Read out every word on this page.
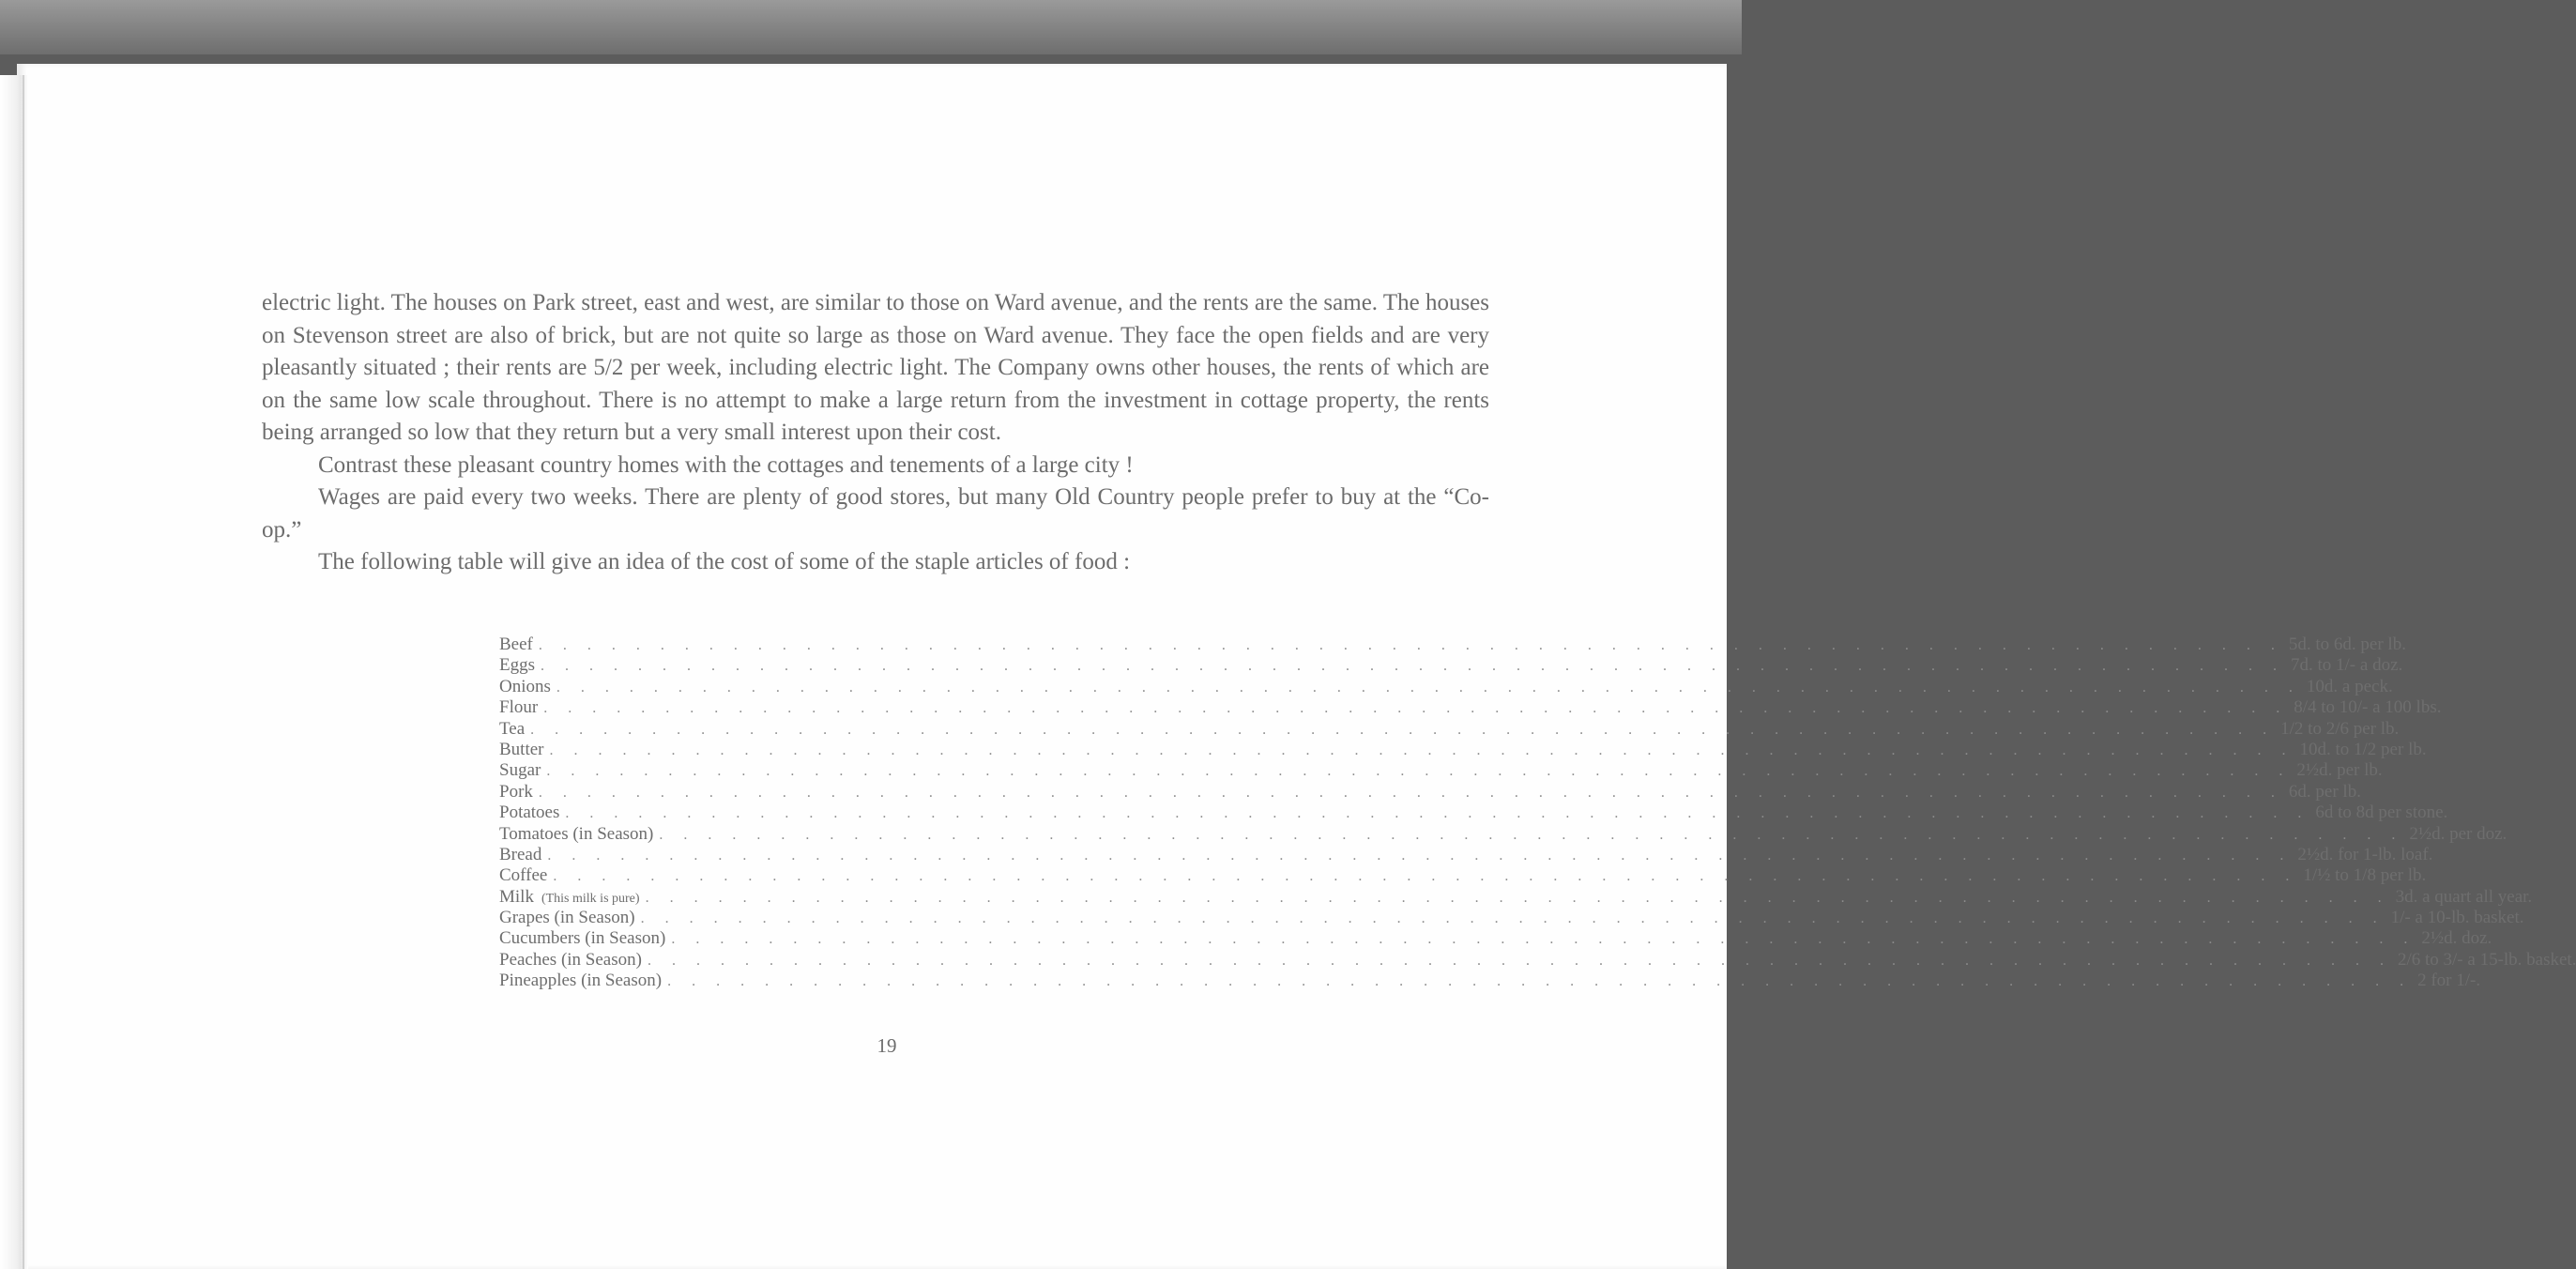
electric light. The houses on Park street, east and west, are similar to those on Ward avenue, and the rents are the same. The houses on Stevenson street are also of brick, but are not quite so large as those on Ward avenue. They face the open fields and are very pleasantly situated ; their rents are 5/2 per week, including electric light. The Company owns other houses, the rents of which are on the same low scale throughout. There is no attempt to make a large return from the investment in cottage property, the rents being arranged so low that they return but a very small interest upon their cost.

Contrast these pleasant country homes with the cottages and tenements of a large city !

Wages are paid every two weeks. There are plenty of good stores, but many Old Country people prefer to buy at the “Co-op.”

The following table will give an idea of the cost of some of the staple articles of food :

Beef . . . . . . . . . . . . . . . . . . . . . . . . . . . . . . . . . . . . . . . . . . . . . . . . . . . . . . . . . . . . . . . . . . . . . . . . 5d. to 6d. per lb.
Eggs . . . . . . . . . . . . . . . . . . . . . . . . . . . . . . . . . . . . . . . . . . . . . . . . . . . . . . . . . . . . . . . . . . . . . . . . 7d. to 1/- a doz.
Onions . . . . . . . . . . . . . . . . . . . . . . . . . . . . . . . . . . . . . . . . . . . . . . . . . . . . . . . . . . . . . . . . . . . . . . . . 10d. a peck.
Flour . . . . . . . . . . . . . . . . . . . . . . . . . . . . . . . . . . . . . . . . . . . . . . . . . . . . . . . . . . . . . . . . . . . . . . . . 8/4 to 10/- a 100 lbs.
Tea . . . . . . . . . . . . . . . . . . . . . . . . . . . . . . . . . . . . . . . . . . . . . . . . . . . . . . . . . . . . . . . . . . . . . . . . 1/2 to 2/6 per lb.
Butter . . . . . . . . . . . . . . . . . . . . . . . . . . . . . . . . . . . . . . . . . . . . . . . . . . . . . . . . . . . . . . . . . . . . . . . . 10d. to 1/2 per lb.
Sugar . . . . . . . . . . . . . . . . . . . . . . . . . . . . . . . . . . . . . . . . . . . . . . . . . . . . . . . . . . . . . . . . . . . . . . . . 2½d. per lb.
Pork . . . . . . . . . . . . . . . . . . . . . . . . . . . . . . . . . . . . . . . . . . . . . . . . . . . . . . . . . . . . . . . . . . . . . . . . 6d. per lb.
Potatoes . . . . . . . . . . . . . . . . . . . . . . . . . . . . . . . . . . . . . . . . . . . . . . . . . . . . . . . . . . . . . . . . . . . . . . . . 6d to 8d per stone.
Tomatoes (in Season) . . . . . . . . . . . . . . . . . . . . . . . . . . . . . . . . . . . . . . . . . . . . . . . . . . . . . . . . . . . . . . . . . . . . . . . . 2½d. per doz.
Bread . . . . . . . . . . . . . . . . . . . . . . . . . . . . . . . . . . . . . . . . . . . . . . . . . . . . . . . . . . . . . . . . . . . . . . . . 2½d. for 1-lb. loaf.
Coffee . . . . . . . . . . . . . . . . . . . . . . . . . . . . . . . . . . . . . . . . . . . . . . . . . . . . . . . . . . . . . . . . . . . . . . . . 1/½ to 1/8 per lb.
Milk (This milk is pure) . . . . . . . . . . . . . . . . . . . . . . . . . . . . . . . . . . . . . . . . . . . . . . . . . . . . . . . . . . . . . . . . . . . . . . . . 3d. a quart all year.
Grapes (in Season) . . . . . . . . . . . . . . . . . . . . . . . . . . . . . . . . . . . . . . . . . . . . . . . . . . . . . . . . . . . . . . . . . . . . . . . . 1/- a 10-lb. basket.
Cucumbers (in Season) . . . . . . . . . . . . . . . . . . . . . . . . . . . . . . . . . . . . . . . . . . . . . . . . . . . . . . . . . . . . . . . . . . . . . . . . 2½d. doz.
Peaches (in Season) . . . . . . . . . . . . . . . . . . . . . . . . . . . . . . . . . . . . . . . . . . . . . . . . . . . . . . . . . . . . . . . . . . . . . . . . 2/6 to 3/- a 15-lb. basket.
Pineapples (in Season) . . . . . . . . . . . . . . . . . . . . . . . . . . . . . . . . . . . . . . . . . . . . . . . . . . . . . . . . . . . . . . . . . . . . . . . . 2 for 1/-.
19
